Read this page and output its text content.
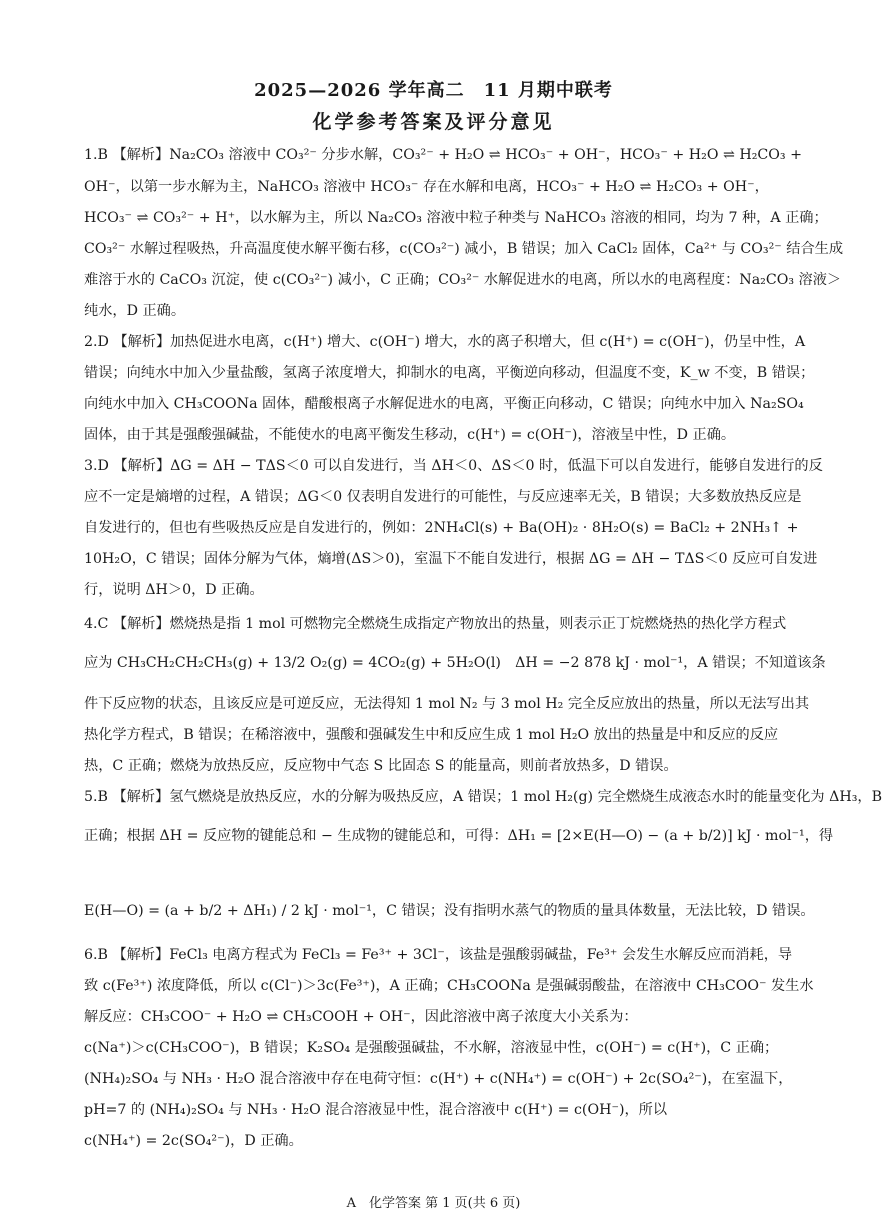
2025—2026 学年高二　11 月期中联考
化学参考答案及评分意见
1.B 【解析】Na₂CO₃ 溶液中 CO₃²⁻ 分步水解，CO₃²⁻ + H₂O ⇌ HCO₃⁻ + OH⁻，HCO₃⁻ + H₂O ⇌ H₂CO₃ +
OH⁻，以第一步水解为主，NaHCO₃ 溶液中 HCO₃⁻ 存在水解和电离，HCO₃⁻ + H₂O ⇌ H₂CO₃ + OH⁻，
HCO₃⁻ ⇌ CO₃²⁻ + H⁺，以水解为主，所以 Na₂CO₃ 溶液中粒子种类与 NaHCO₃ 溶液的相同，均为 7 种，A 正确；
CO₃²⁻ 水解过程吸热，升高温度使水解平衡右移，c(CO₃²⁻) 减小，B 错误；加入 CaCl₂ 固体，Ca²⁺ 与 CO₃²⁻ 结合生成
难溶于水的 CaCO₃ 沉淀，使 c(CO₃²⁻) 减小，C 正确；CO₃²⁻ 水解促进水的电离，所以水的电离程度：Na₂CO₃ 溶液＞
纯水，D 正确。
2.D 【解析】加热促进水电离，c(H⁺) 增大、c(OH⁻) 增大，水的离子积增大，但 c(H⁺) = c(OH⁻)，仍呈中性，A
错误；向纯水中加入少量盐酸，氢离子浓度增大，抑制水的电离，平衡逆向移动，但温度不变，K_w 不变，B 错误；
向纯水中加入 CH₃COONa 固体，醋酸根离子水解促进水的电离，平衡正向移动，C 错误；向纯水中加入 Na₂SO₄
固体，由于其是强酸强碱盐，不能使水的电离平衡发生移动，c(H⁺) = c(OH⁻)，溶液呈中性，D 正确。
3.D 【解析】ΔG = ΔH − TΔS＜0 可以自发进行，当 ΔH＜0、ΔS＜0 时，低温下可以自发进行，能够自发进行的反
应不一定是熵增的过程，A 错误；ΔG＜0 仅表明自发进行的可能性，与反应速率无关，B 错误；大多数放热反应是
自发进行的，但也有些吸热反应是自发进行的，例如：2NH₄Cl(s) + Ba(OH)₂ · 8H₂O(s) = BaCl₂ + 2NH₃↑ +
10H₂O，C 错误；固体分解为气体，熵增(ΔS＞0)，室温下不能自发进行，根据 ΔG = ΔH − TΔS＜0 反应可自发进
行，说明 ΔH＞0，D 正确。
4.C 【解析】燃烧热是指 1 mol 可燃物完全燃烧生成指定产物放出的热量，则表示正丁烷燃烧热的热化学方程式
应为 CH₃CH₂CH₂CH₃(g) + 13/2 O₂(g) = 4CO₂(g) + 5H₂O(l)　ΔH = −2 878 kJ · mol⁻¹，A 错误；不知道该条
件下反应物的状态，且该反应是可逆反应，无法得知 1 mol N₂ 与 3 mol H₂ 完全反应放出的热量，所以无法写出其
热化学方程式，B 错误；在稀溶液中，强酸和强碱发生中和反应生成 1 mol H₂O 放出的热量是中和反应的反应
热，C 正确；燃烧为放热反应，反应物中气态 S 比固态 S 的能量高，则前者放热多，D 错误。
5.B 【解析】氢气燃烧是放热反应，水的分解为吸热反应，A 错误；1 mol H₂(g) 完全燃烧生成液态水时的能量变化为 ΔH₃，B
正确；根据 ΔH = 反应物的键能总和 − 生成物的键能总和，可得：ΔH₁ = [2×E(H—O) − (a + b/2)] kJ · mol⁻¹，得
E(H—O) = (a + b/2 + ΔH₁) / 2 kJ · mol⁻¹，C 错误；没有指明水蒸气的物质的量具体数量，无法比较，D 错误。
6.B 【解析】FeCl₃ 电离方程式为 FeCl₃ = Fe³⁺ + 3Cl⁻，该盐是强酸弱碱盐，Fe³⁺ 会发生水解反应而消耗，导
致 c(Fe³⁺) 浓度降低，所以 c(Cl⁻)＞3c(Fe³⁺)，A 正确；CH₃COONa 是强碱弱酸盐，在溶液中 CH₃COO⁻ 发生水
解反应：CH₃COO⁻ + H₂O ⇌ CH₃COOH + OH⁻，因此溶液中离子浓度大小关系为：
c(Na⁺)＞c(CH₃COO⁻)，B 错误；K₂SO₄ 是强酸强碱盐，不水解，溶液显中性，c(OH⁻) = c(H⁺)，C 正确；
(NH₄)₂SO₄ 与 NH₃ · H₂O 混合溶液中存在电荷守恒：c(H⁺) + c(NH₄⁺) = c(OH⁻) + 2c(SO₄²⁻)，在室温下，
pH=7 的 (NH₄)₂SO₄ 与 NH₃ · H₂O 混合溶液显中性，混合溶液中 c(H⁺) = c(OH⁻)，所以
c(NH₄⁺) = 2c(SO₄²⁻)，D 正确。
A　化学答案 第 1 页(共 6 页)
